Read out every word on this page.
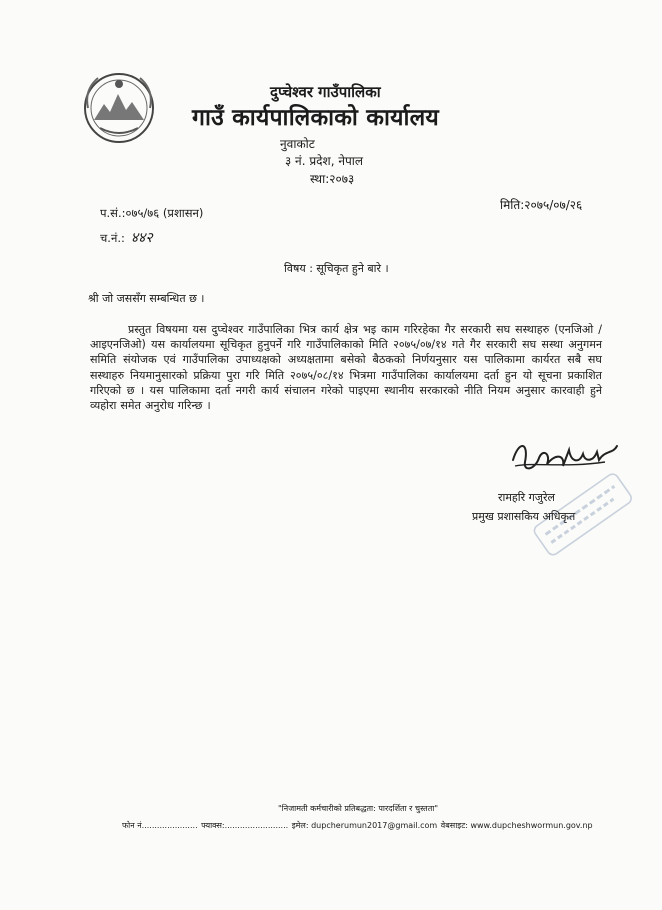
दुप्चेश्वर गाउँपालिका
गाउँ कार्यपालिकाको कार्यालय
नुवाकोट
३ नं. प्रदेश, नेपाल
स्था:२०७३
प.सं.:०७५/७६ (प्रशासन)
च.नं.: ४४२
मिति:२०७५/०७/२६
विषय : सूचिकृत हुने बारे ।
श्री जो जससँग सम्बन्धित छ ।
प्रस्तुत विषयमा यस दुप्चेश्वर गाउँपालिका भित्र कार्य क्षेत्र भइ काम गरिरहेका गैर सरकारी सघ सस्थाहरु (एनजिओ /आइएनजिओ) यस कार्यालयमा सूचिकृत हुनुपर्ने गरि गाउँपालिकाको मिति २०७५/०७/१४ गते गैर सरकारी सघ सस्था अनुगमन समिति संयोजक एवं गाउँपालिका उपाध्यक्षको अध्यक्षतामा बसेको बैठकको निर्णयनुसार यस पालिकामा कार्यरत सबै सघ सस्थाहरु नियमानुसारको प्रक्रिया पुरा गरि मिति २०७५/०८/१४ भित्रमा गाउँपालिका कार्यालयमा दर्ता हुन यो सूचना प्रकाशित गरिएको छ । यस पालिकामा दर्ता नगरी कार्य संचालन गरेको पाइएमा स्थानीय सरकारको नीति नियम अनुसार कारवाही हुने व्यहोरा समेत अनुरोध गरिन्छ ।
रामहरि गजुरेल
प्रमुख प्रशासकिय अधिकृत
"निजामती कर्मचारीको प्रतिबद्धता: पारदर्शिता र चुस्तता"
फोन नं...................... फ्याक्स:......................... इमेल: dupcherumun2017@gmail.com वेबसाइट: www.dupcheshwormun.gov.np
